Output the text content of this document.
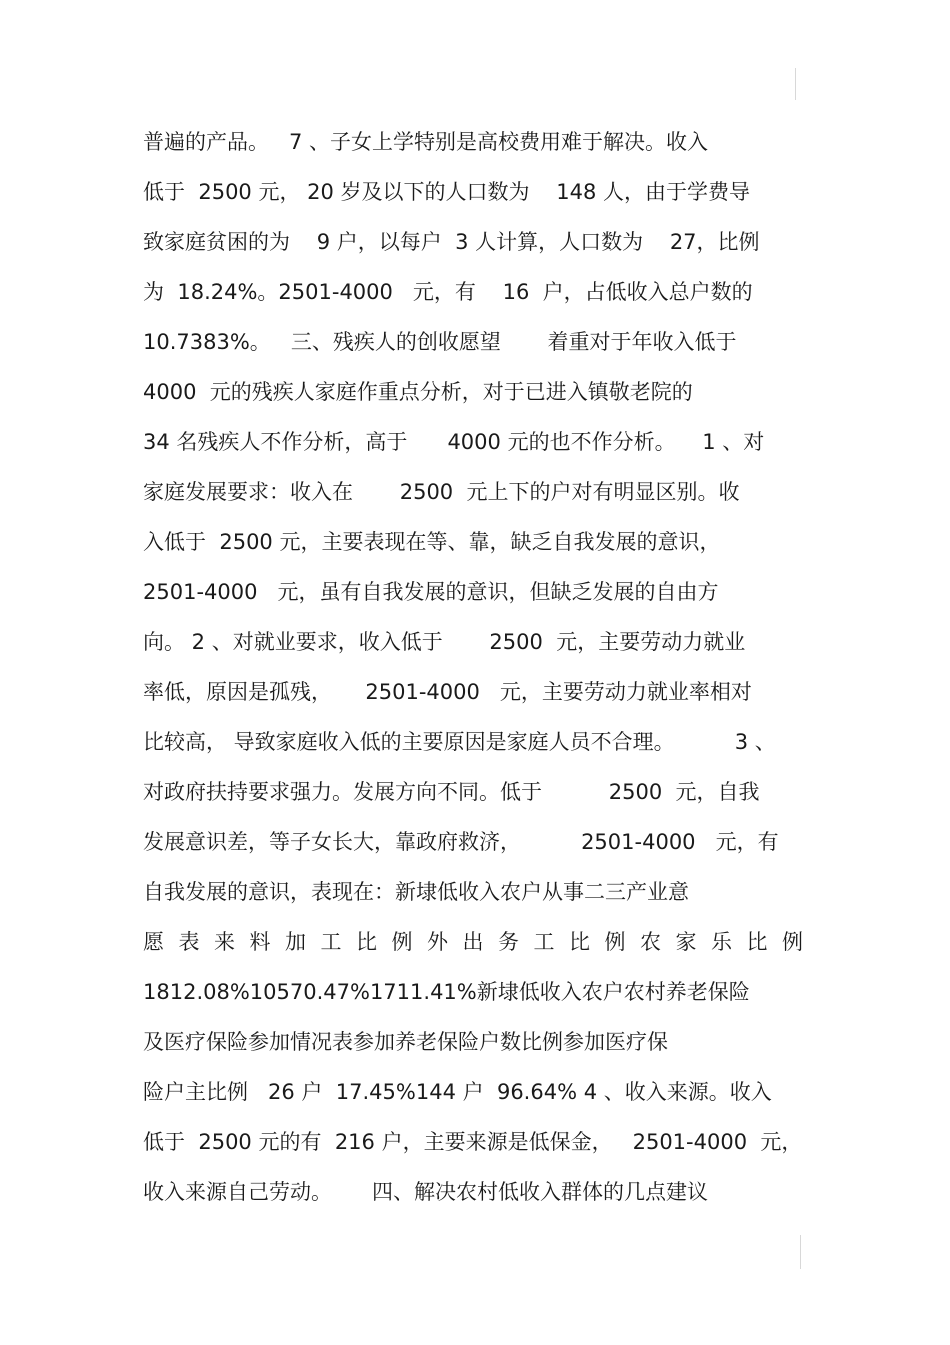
普遍的产品。   7 、子女上学特别是高校费用难于解决。收入
低于  2500 元， 20 岁及以下的人口数为    148 人，由于学费导
致家庭贫困的为    9 户，以每户  3 人计算，人口数为    27，比例
为  18.24%。2501-4000   元，有    16  户，占低收入总户数的
10.7383%。   三、残疾人的创收愿望       着重对于年收入低于
4000  元的残疾人家庭作重点分析，对于已进入镇敬老院的
34 名残疾人不作分析，高于      4000 元的也不作分析。    1 、对
家庭发展要求：收入在       2500  元上下的户对有明显区别。收
入低于  2500 元，主要表现在等、靠，缺乏自我发展的意识，
2501-4000   元，虽有自我发展的意识，但缺乏发展的自由方
向。 2 、对就业要求，收入低于       2500  元，主要劳动力就业
率低，原因是孤残，     2501-4000   元，主要劳动力就业率相对
比较高， 导致家庭收入低的主要原因是家庭人员不合理。         3 、
对政府扶持要求强力。发展方向不同。低于          2500  元，自我
发展意识差，等子女长大，靠政府救济，         2501-4000   元，有
自我发展的意识，表现在：新埭低收入农户从事二三产业意
愿 表 来 料 加 工 比 例 外 出 务 工 比 例 农 家 乐 比 例
1812.08%10570.47%1711.41%新埭低收入农户农村养老保险
及医疗保险参加情况表参加养老保险户数比例参加医疗保
险户主比例   26 户  17.45%144 户  96.64% 4 、收入来源。收入
低于  2500 元的有  216 户，主要来源是低保金，   2501-4000  元，
收入来源自己劳动。      四、解决农村低收入群体的几点建议
